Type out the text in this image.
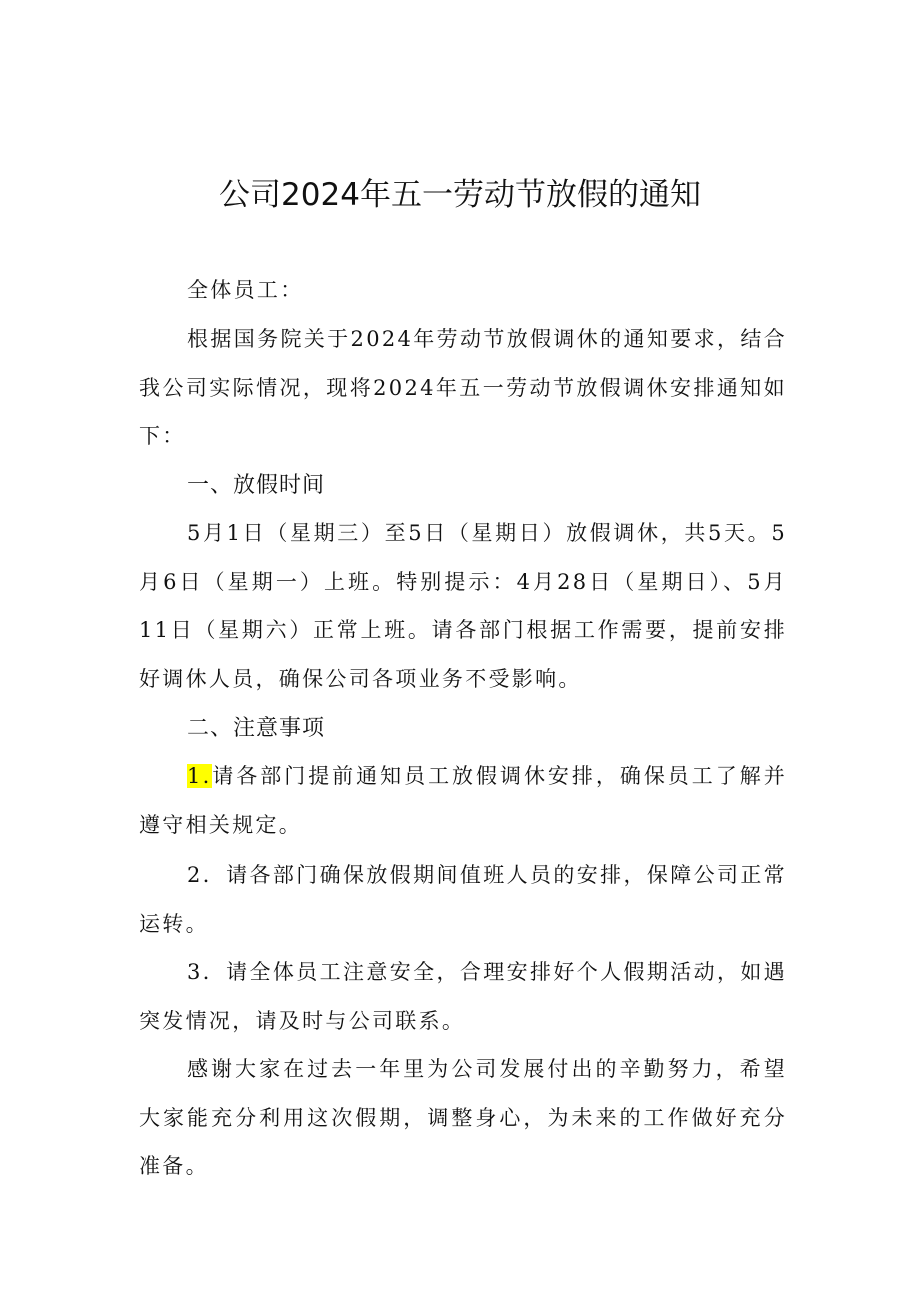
公司2024年五一劳动节放假的通知
全体员工：

根据国务院关于2024年劳动节放假调休的通知要求，结合我公司实际情况，现将2024年五一劳动节放假调休安排通知如下：

一、放假时间

5月1日（星期三）至5日（星期日）放假调休，共5天。5月6日（星期一）上班。特别提示：4月28日（星期日）、5月11日（星期六）正常上班。请各部门根据工作需要，提前安排好调休人员，确保公司各项业务不受影响。

二、注意事项

1.请各部门提前通知员工放假调休安排，确保员工了解并遵守相关规定。

2．请各部门确保放假期间值班人员的安排，保障公司正常运转。

3．请全体员工注意安全，合理安排好个人假期活动，如遇突发情况，请及时与公司联系。

感谢大家在过去一年里为公司发展付出的辛勤努力，希望大家能充分利用这次假期，调整身心，为未来的工作做好充分准备。
